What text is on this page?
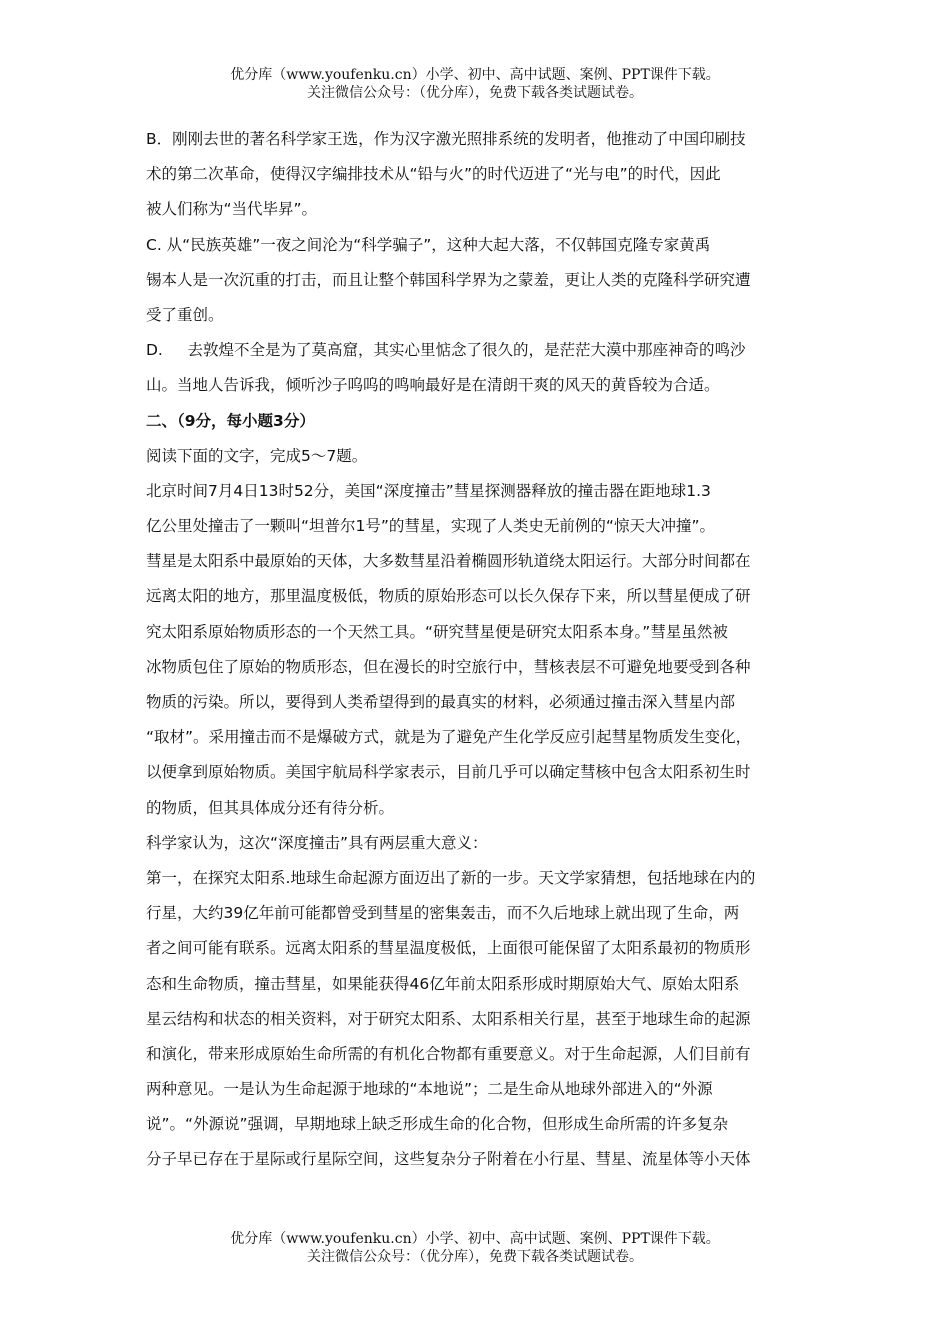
优分库（www.youfenku.cn）小学、初中、高中试题、案例、PPT课件下载。
关注微信公众号：（优分库），免费下载各类试题试卷。
B．刚刚去世的著名科学家王选，作为汉字激光照排系统的发明者，他推动了中国印刷技
术的第二次革命，使得汉字编排技术从“铅与火”的时代迈进了“光与电”的时代，因此
被人们称为“当代毕昇”。
C. 从“民族英雄”一夜之间沦为“科学骗子”，这种大起大落，不仅韩国克隆专家黄禹
锡本人是一次沉重的打击，而且让整个韩国科学界为之蒙羞，更让人类的克隆科学研究遭
受了重创。
D.     去敦煌不全是为了莫高窟，其实心里惦念了很久的，是茫茫大漠中那座神奇的鸣沙
山。当地人告诉我，倾听沙子呜呜的鸣响最好是在清朗干爽的风天的黄昏较为合适。
二、（9分，每小题3分）
阅读下面的文字，完成5～7题。
北京时间7月4日13时52分，美国“深度撞击”彗星探测器释放的撞击器在距地球1.3
亿公里处撞击了一颗叫“坦普尔1号”的彗星，实现了人类史无前例的“惊天大冲撞”。
彗星是太阳系中最原始的天体，大多数彗星沿着椭圆形轨道绕太阳运行。大部分时间都在
远离太阳的地方，那里温度极低，物质的原始形态可以长久保存下来，所以彗星便成了研
究太阳系原始物质形态的一个天然工具。“研究彗星便是研究太阳系本身。”彗星虽然被
冰物质包住了原始的物质形态，但在漫长的时空旅行中，彗核表层不可避免地要受到各种
物质的污染。所以，要得到人类希望得到的最真实的材料，必须通过撞击深入彗星内部
“取材”。采用撞击而不是爆破方式，就是为了避免产生化学反应引起彗星物质发生变化，
以便拿到原始物质。美国宇航局科学家表示，目前几乎可以确定彗核中包含太阳系初生时
的物质，但其具体成分还有待分析。
科学家认为，这次“深度撞击”具有两层重大意义：
第一，在探究太阳系.地球生命起源方面迈出了新的一步。天文学家猜想，包括地球在内的
行星，大约39亿年前可能都曾受到彗星的密集轰击，而不久后地球上就出现了生命，两
者之间可能有联系。远离太阳系的彗星温度极低，上面很可能保留了太阳系最初的物质形
态和生命物质，撞击彗星，如果能获得46亿年前太阳系形成时期原始大气、原始太阳系
星云结构和状态的相关资料，对于研究太阳系、太阳系相关行星，甚至于地球生命的起源
和演化，带来形成原始生命所需的有机化合物都有重要意义。对于生命起源，人们目前有
两种意见。一是认为生命起源于地球的“本地说”；二是生命从地球外部进入的“外源
说”。“外源说”强调，早期地球上缺乏形成生命的化合物，但形成生命所需的许多复杂
分子早已存在于星际或行星际空间，这些复杂分子附着在小行星、彗星、流星体等小天体
优分库（www.youfenku.cn）小学、初中、高中试题、案例、PPT课件下载。
关注微信公众号：（优分库），免费下载各类试题试卷。
